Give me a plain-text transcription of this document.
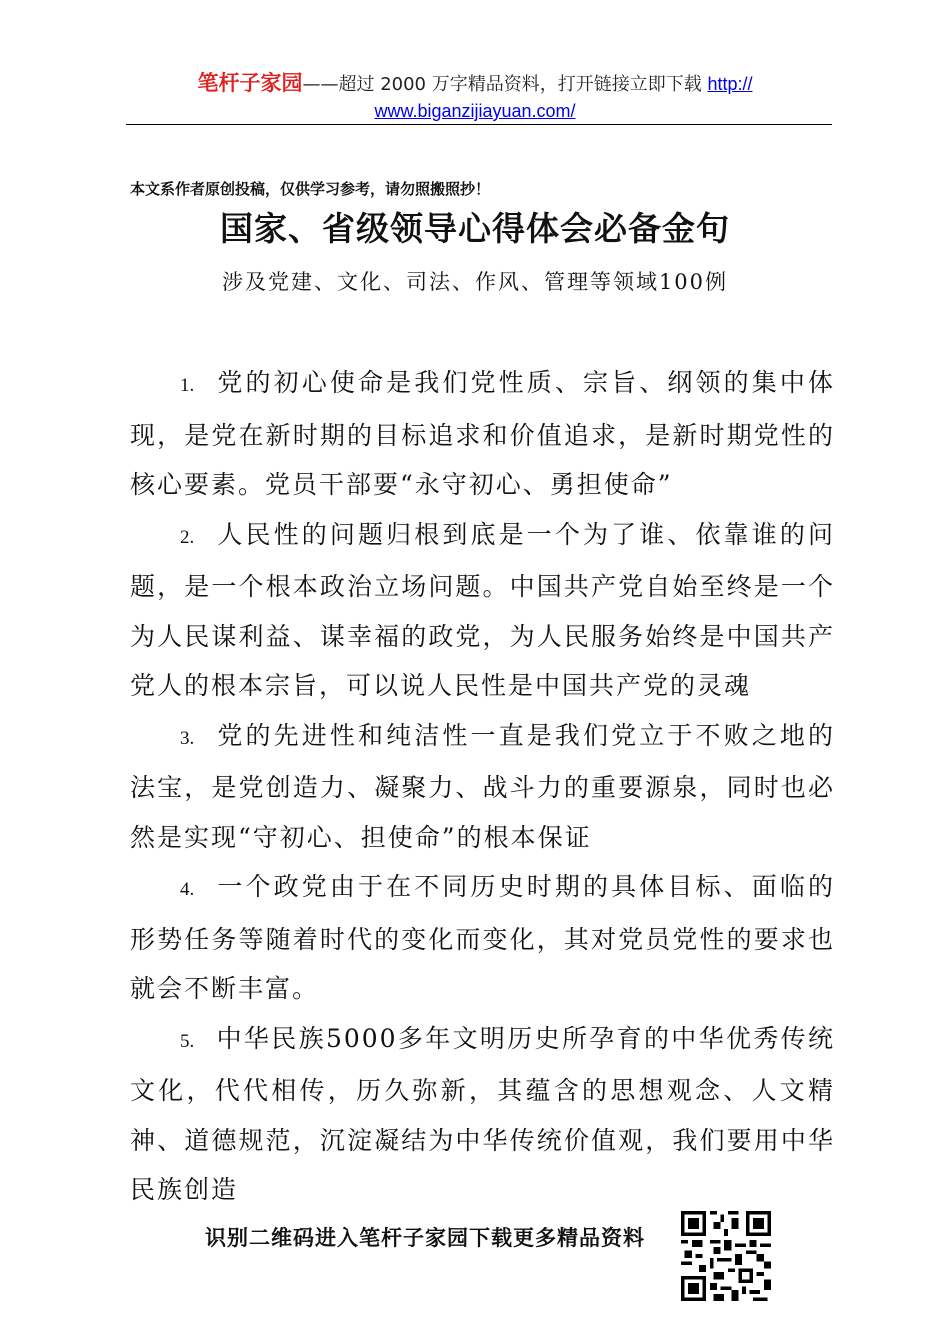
笔杆子家园——超过 2000 万字精品资料，打开链接立即下载 http://
www.biganzijiayuan.com/
本文系作者原创投稿，仅供学习参考，请勿照搬照抄！
国家、省级领导心得体会必备金句
涉及党建、文化、司法、作风、管理等领域100例

1. 党的初心使命是我们党性质、宗旨、纲领的集中体现，是党在新时期的目标追求和价值追求，是新时期党性的核心要素。党员干部要“永守初心、勇担使命”

2. 人民性的问题归根到底是一个为了谁、依靠谁的问题，是一个根本政治立场问题。中国共产党自始至终是一个为人民谋利益、谋幸福的政党，为人民服务始终是中国共产党人的根本宗旨，可以说人民性是中国共产党的灵魂

3. 党的先进性和纯洁性一直是我们党立于不败之地的法宝，是党创造力、凝聚力、战斗力的重要源泉，同时也必然是实现“守初心、担使命”的根本保证

4. 一个政党由于在不同历史时期的具体目标、面临的形势任务等随着时代的变化而变化，其对党员党性的要求也就会不断丰富。

5. 中华民族5000多年文明历史所孕育的中华优秀传统文化，代代相传，历久弥新，其蕴含的思想观念、人文精神、道德规范，沉淀凝结为中华传统价值观，我们要用中华民族创造

识别二维码进入笔杆子家园下载更多精品资料
